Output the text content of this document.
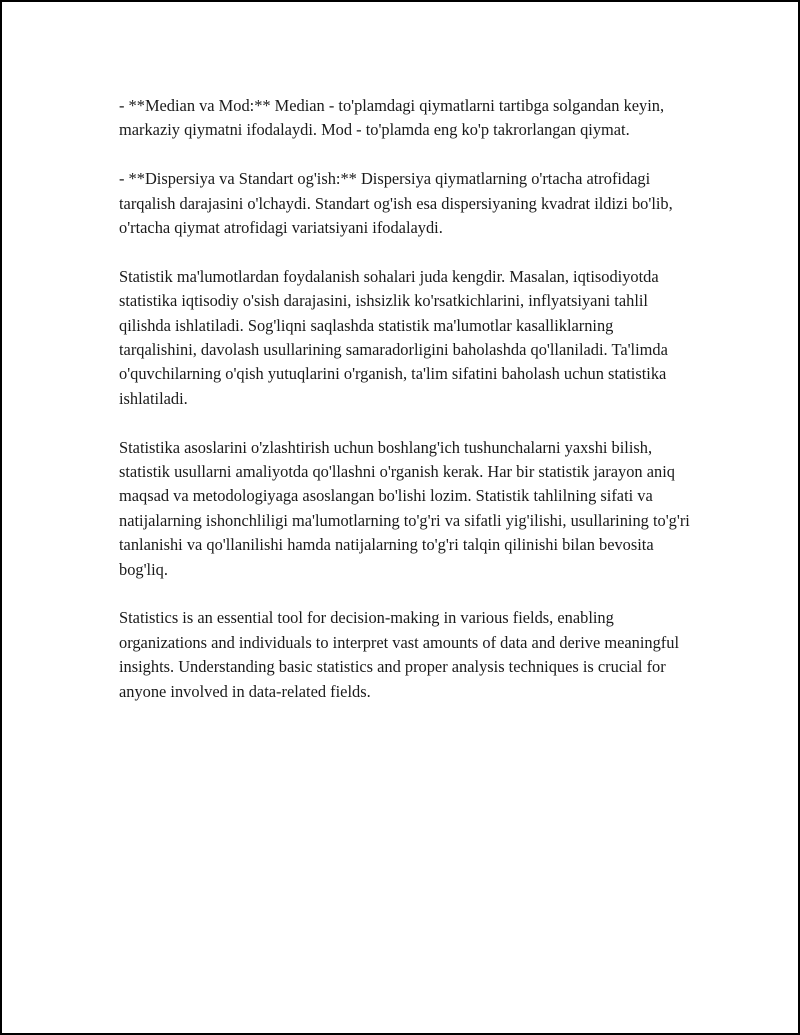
- **Median va Mod:** Median - to'plamdagi qiymatlarni tartibga solgandan keyin, markaziy qiymatni ifodalaydi. Mod - to'plamda eng ko'p takrorlangan qiymat.

- **Dispersiya va Standart og'ish:** Dispersiya qiymatlarning o'rtacha atrofidagi tarqalish darajasini o'lchaydi. Standart og'ish esa dispersiyaning kvadrat ildizi bo'lib, o'rtacha qiymat atrofidagi variatsiyani ifodalaydi.

Statistik ma'lumotlardan foydalanish sohalari juda kengdir. Masalan, iqtisodiyotda statistika iqtisodiy o'sish darajasini, ishsizlik ko'rsatkichlarini, inflyatsiyani tahlil qilishda ishlatiladi. Sog'liqni saqlashda statistik ma'lumotlar kasalliklarning tarqalishini, davolash usullarining samaradorligini baholashda qo'llaniladi. Ta'limda o'quvchilarning o'qish yutuqlarini o'rganish, ta'lim sifatini baholash uchun statistika ishlatiladi.

Statistika asoslarini o'zlashtirish uchun boshlang'ich tushunchalarni yaxshi bilish, statistik usullarni amaliyotda qo'llashni o'rganish kerak. Har bir statistik jarayon aniq maqsad va metodologiyaga asoslangan bo'lishi lozim. Statistik tahlilning sifati va natijalarning ishonchliligi ma'lumotlarning to'g'ri va sifatli yig'ilishi, usullarining to'g'ri tanlanishi va qo'llanilishi hamda natijalarning to'g'ri talqin qilinishi bilan bevosita bog'liq.

Statistics is an essential tool for decision-making in various fields, enabling organizations and individuals to interpret vast amounts of data and derive meaningful insights. Understanding basic statistics and proper analysis techniques is crucial for anyone involved in data-related fields.
